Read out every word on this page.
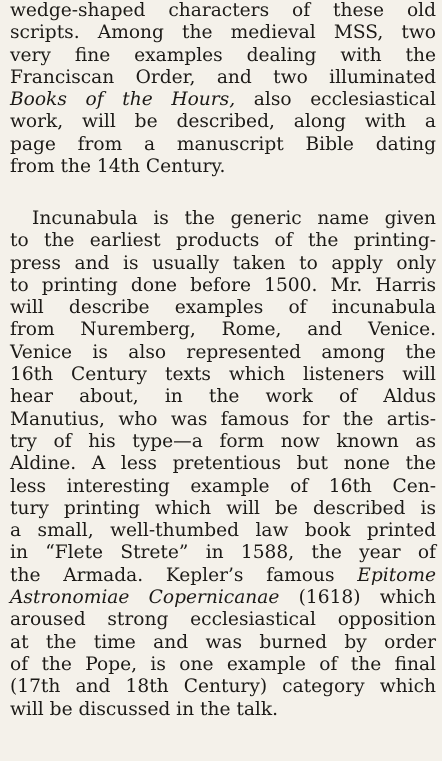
wedge-shaped characters of these old
scripts. Among the medieval MSS, two
very fine examples dealing with the
Franciscan Order, and two illuminated
Books of the Hours, also ecclesiastical
work, will be described, along with a
page from a manuscript Bible dating
from the 14th Century.
Incunabula is the generic name given
to the earliest products of the printing-
press and is usually taken to apply only
to printing done before 1500. Mr. Harris
will describe examples of incunabula
from Nuremberg, Rome, and Venice.
Venice is also represented among the
16th Century texts which listeners will
hear about, in the work of Aldus
Manutius, who was famous for the artis-
try of his type—a form now known as
Aldine. A less pretentious but none the
less interesting example of 16th Cen-
tury printing which will be described is
a small, well-thumbed law book printed
in “Flete Strete” in 1588, the year of
the Armada. Kepler’s famous Epitome
Astronomiae Copernicanae (1618) which
aroused strong ecclesiastical opposition
at the time and was burned by order
of the Pope, is one example of the final
(17th and 18th Century) category which
will be discussed in the talk.
